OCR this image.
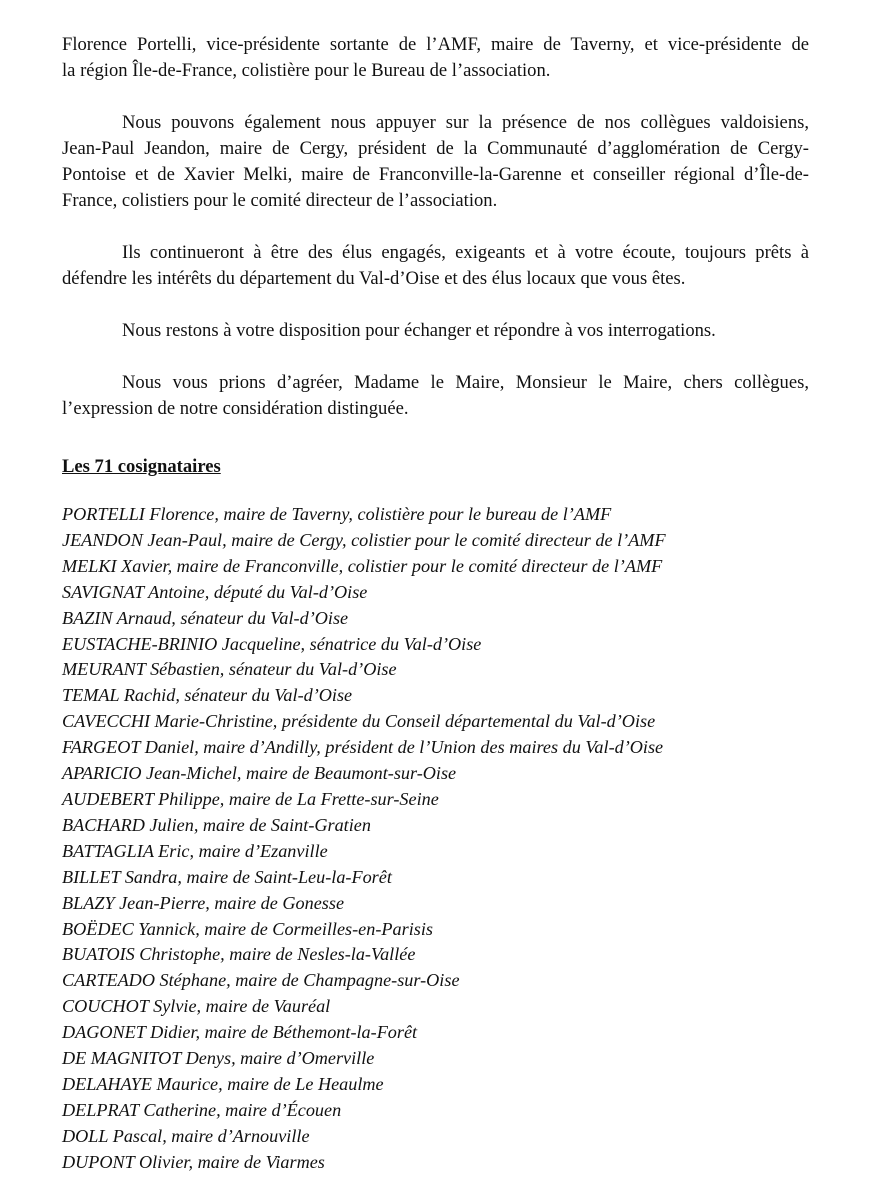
Florence Portelli, vice-présidente sortante de l’AMF, maire de Taverny, et vice-présidente de
la région Île-de-France, colistière pour le Bureau de l’association.

Nous pouvons également nous appuyer sur la présence de nos collègues valdoisiens,
Jean-Paul Jeandon, maire de Cergy, président de la Communauté d’agglomération de Cergy-
Pontoise et de Xavier Melki, maire de Franconville-la-Garenne et conseiller régional d’Île-de-
France, colistiers pour le comité directeur de l’association.

Ils continueront à être des élus engagés, exigeants et à votre écoute, toujours prêts à
défendre les intérêts du département du Val-d’Oise et des élus locaux que vous êtes.

Nous restons à votre disposition pour échanger et répondre à vos interrogations.

Nous vous prions d’agréer, Madame le Maire, Monsieur le Maire, chers collègues,
l’expression de notre considération distinguée.

Les 71 cosignataires
PORTELLI Florence, maire de Taverny, colistière pour le bureau de l’AMF
JEANDON Jean-Paul, maire de Cergy, colistier pour le comité directeur de l’AMF
MELKI Xavier, maire de Franconville, colistier pour le comité directeur de l’AMF
SAVIGNAT Antoine, député du Val-d’Oise
BAZIN Arnaud, sénateur du Val-d’Oise
EUSTACHE-BRINIO Jacqueline, sénatrice du Val-d’Oise
MEURANT Sébastien, sénateur du Val-d’Oise
TEMAL Rachid, sénateur du Val-d’Oise
CAVECCHI Marie-Christine, présidente du Conseil départemental du Val-d’Oise
FARGEOT Daniel, maire d’Andilly, président de l’Union des maires du Val-d’Oise
APARICIO Jean-Michel, maire de Beaumont-sur-Oise
AUDEBERT Philippe, maire de La Frette-sur-Seine
BACHARD Julien, maire de Saint-Gratien
BATTAGLIA Eric, maire d’Ezanville
BILLET Sandra, maire de Saint-Leu-la-Forêt
BLAZY Jean-Pierre, maire de Gonesse
BOËDEC Yannick, maire de Cormeilles-en-Parisis
BUATOIS Christophe, maire de Nesles-la-Vallée
CARTEADO Stéphane, maire de Champagne-sur-Oise
COUCHOT Sylvie, maire de Vauréal
DAGONET Didier, maire de Béthemont-la-Forêt
DE MAGNITOT Denys, maire d’Omerville
DELAHAYE Maurice, maire de Le Heaulme
DELPRAT Catherine, maire d’Écouen
DOLL Pascal, maire d’Arnouville
DUPONT Olivier, maire de Viarmes
